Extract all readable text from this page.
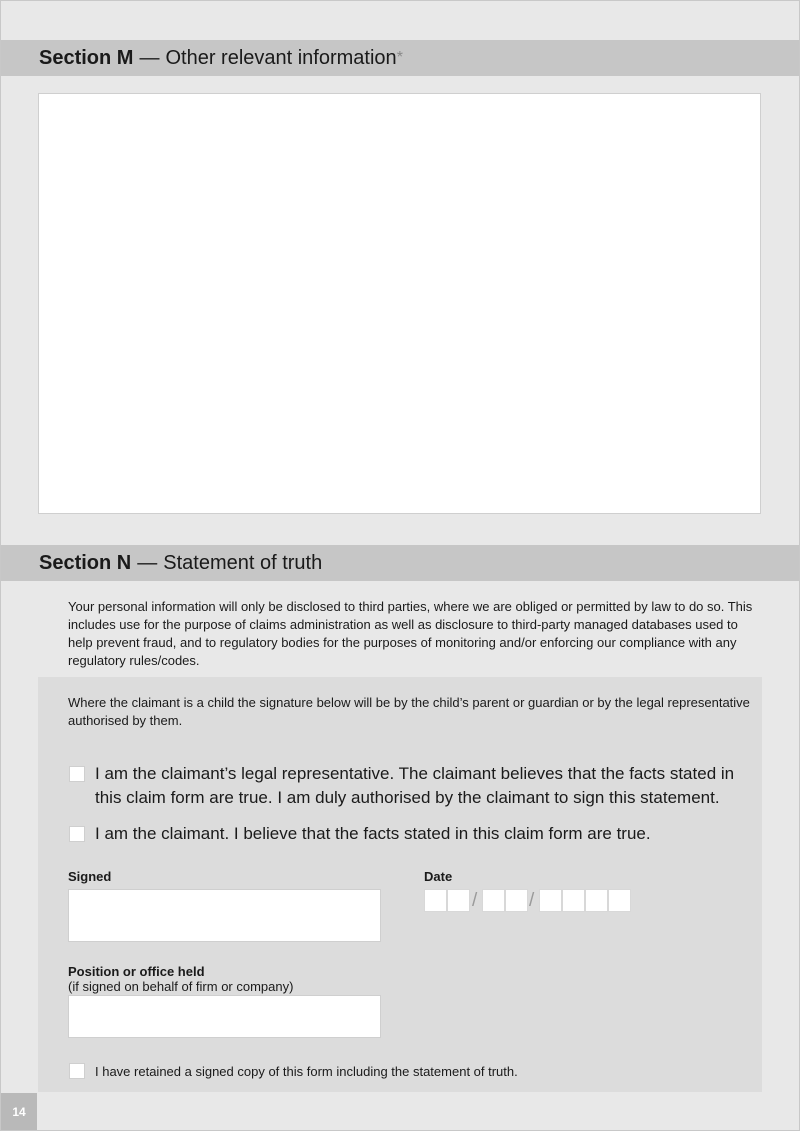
Section M — Other relevant information *
Section N — Statement of truth

Your personal information will only be disclosed to third parties, where we are obliged or permitted by law to do so. This includes use for the purpose of claims administration as well as disclosure to third-party managed databases used to help prevent fraud, and to regulatory bodies for the purposes of monitoring and/or enforcing our compliance with any regulatory rules/codes.

Where the claimant is a child the signature below will be by the child’s parent or guardian or by the legal representative authorised by them.

I am the claimant’s legal representative. The claimant believes that the facts stated in this claim form are true. I am duly authorised by the claimant to sign this statement.

I am the claimant. I believe that the facts stated in this claim form are true.

Signed	Date
/	/
Position or office held
(if signed on behalf of firm or company)
I have retained a signed copy of this form including the statement of truth.
14
